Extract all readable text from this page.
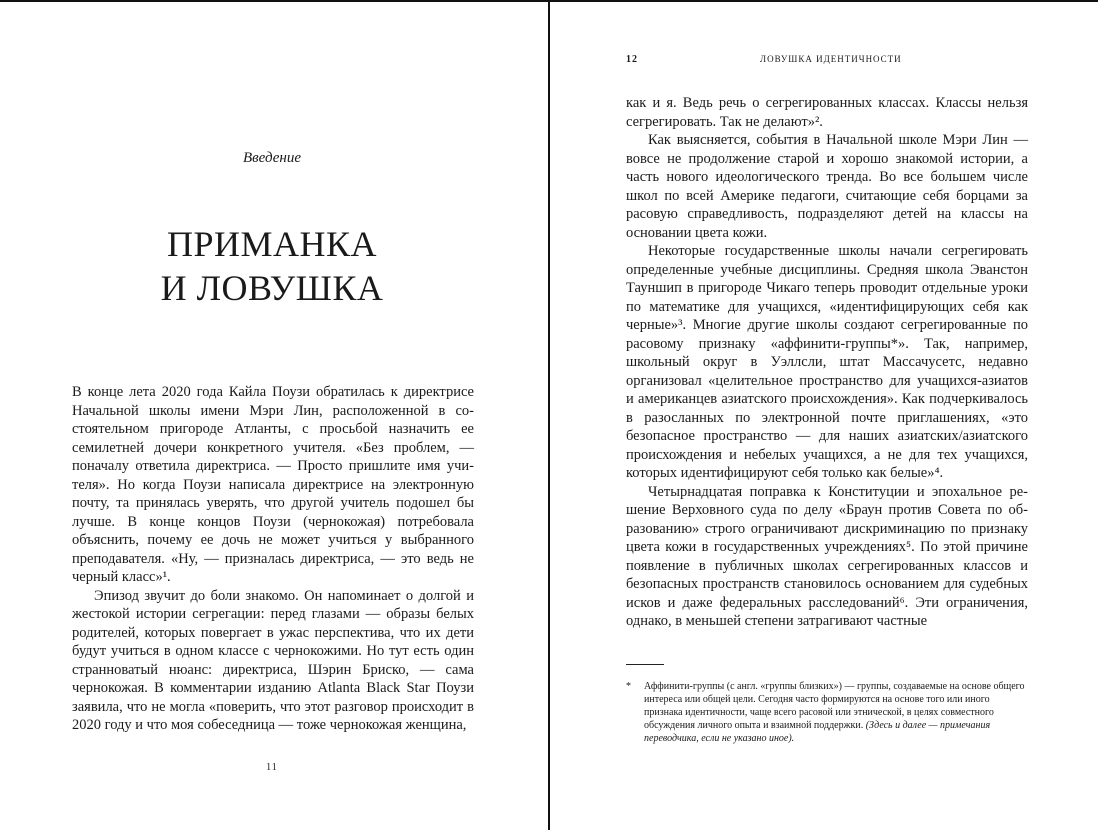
Введение
ПРИМАНКА
И ЛОВУШКА

В конце лета 2020 года Кайла Поузи обратилась к директрисе Начальной школы имени Мэри Лин, расположенной в состоятельном пригороде Атланты, с просьбой назначить ее семилетней дочери конкретного учителя. «Без проблем, — поначалу ответила директриса. — Просто пришлите имя учителя». Но когда Поузи написала директрисе на электронную почту, та принялась уверять, что другой учитель подошел бы лучше. В конце концов Поузи (чернокожая) потребовала объяснить, почему ее дочь не может учиться у выбранного преподавателя. «Ну, — призналась директриса, — это ведь не черный класс»¹.

Эпизод звучит до боли знакомо. Он напоминает о долгой и жестокой истории сегрегации: перед глазами — образы белых родителей, которых повергает в ужас перспектива, что их дети будут учиться в одном классе с чернокожими. Но тут есть один странноватый нюанс: директриса, Шэрин Бриско, — сама чернокожая. В комментарии изданию Atlanta Black Star Поузи заявила, что не могла «поверить, что этот разговор происходит в 2020 году и что моя собеседница — тоже чернокожая женщина,

11
12	ЛОВУШКА ИДЕНТИЧНОСТИ

как и я. Ведь речь о сегрегированных классах. Классы нельзя сегрегировать. Так не делают»².

Как выясняется, события в Начальной школе Мэри Лин — вовсе не продолжение старой и хорошо знакомой истории, а часть нового идеологического тренда. Во все большем числе школ по всей Америке педагоги, считающие себя борцами за расовую справедливость, подразделяют детей на классы на основании цвета кожи.

Некоторые государственные школы начали сегрегировать определенные учебные дисциплины. Средняя школа Эванстон Тауншип в пригороде Чикаго теперь проводит отдельные уроки по математике для учащихся, «идентифицирующих себя как черные»³. Многие другие школы создают сегрегированные по расовому признаку «аффинити-группы*». Так, например, школьный округ в Уэллсли, штат Массачусетс, недавно организовал «целительное пространство для учащихся-азиатов и американцев азиатского происхождения». Как подчеркивалось в разосланных по электронной почте приглашениях, «это безопасное пространство — для наших азиатских/азиатского происхождения и небелых учащихся, а не для тех учащихся, которых идентифицируют себя только как белые»⁴.

Четырнадцатая поправка к Конституции и эпохальное решение Верховного суда по делу «Браун против Совета по образованию» строго ограничивают дискриминацию по признаку цвета кожи в государственных учреждениях⁵. По этой причине появление в публичных школах сегрегированных классов и безопасных пространств становилось основанием для судебных исков и даже федеральных расследований⁶. Эти ограничения, однако, в меньшей степени затрагивают частные

* Аффинити-группы (с англ. «группы близких») — группы, создаваемые на основе общего интереса или общей цели. Сегодня часто формируются на основе того или иного признака идентичности, чаще всего расовой или этнической, в целях совместного обсуждения личного опыта и взаимной поддержки. (Здесь и далее — примечания переводчика, если не указано иное).
